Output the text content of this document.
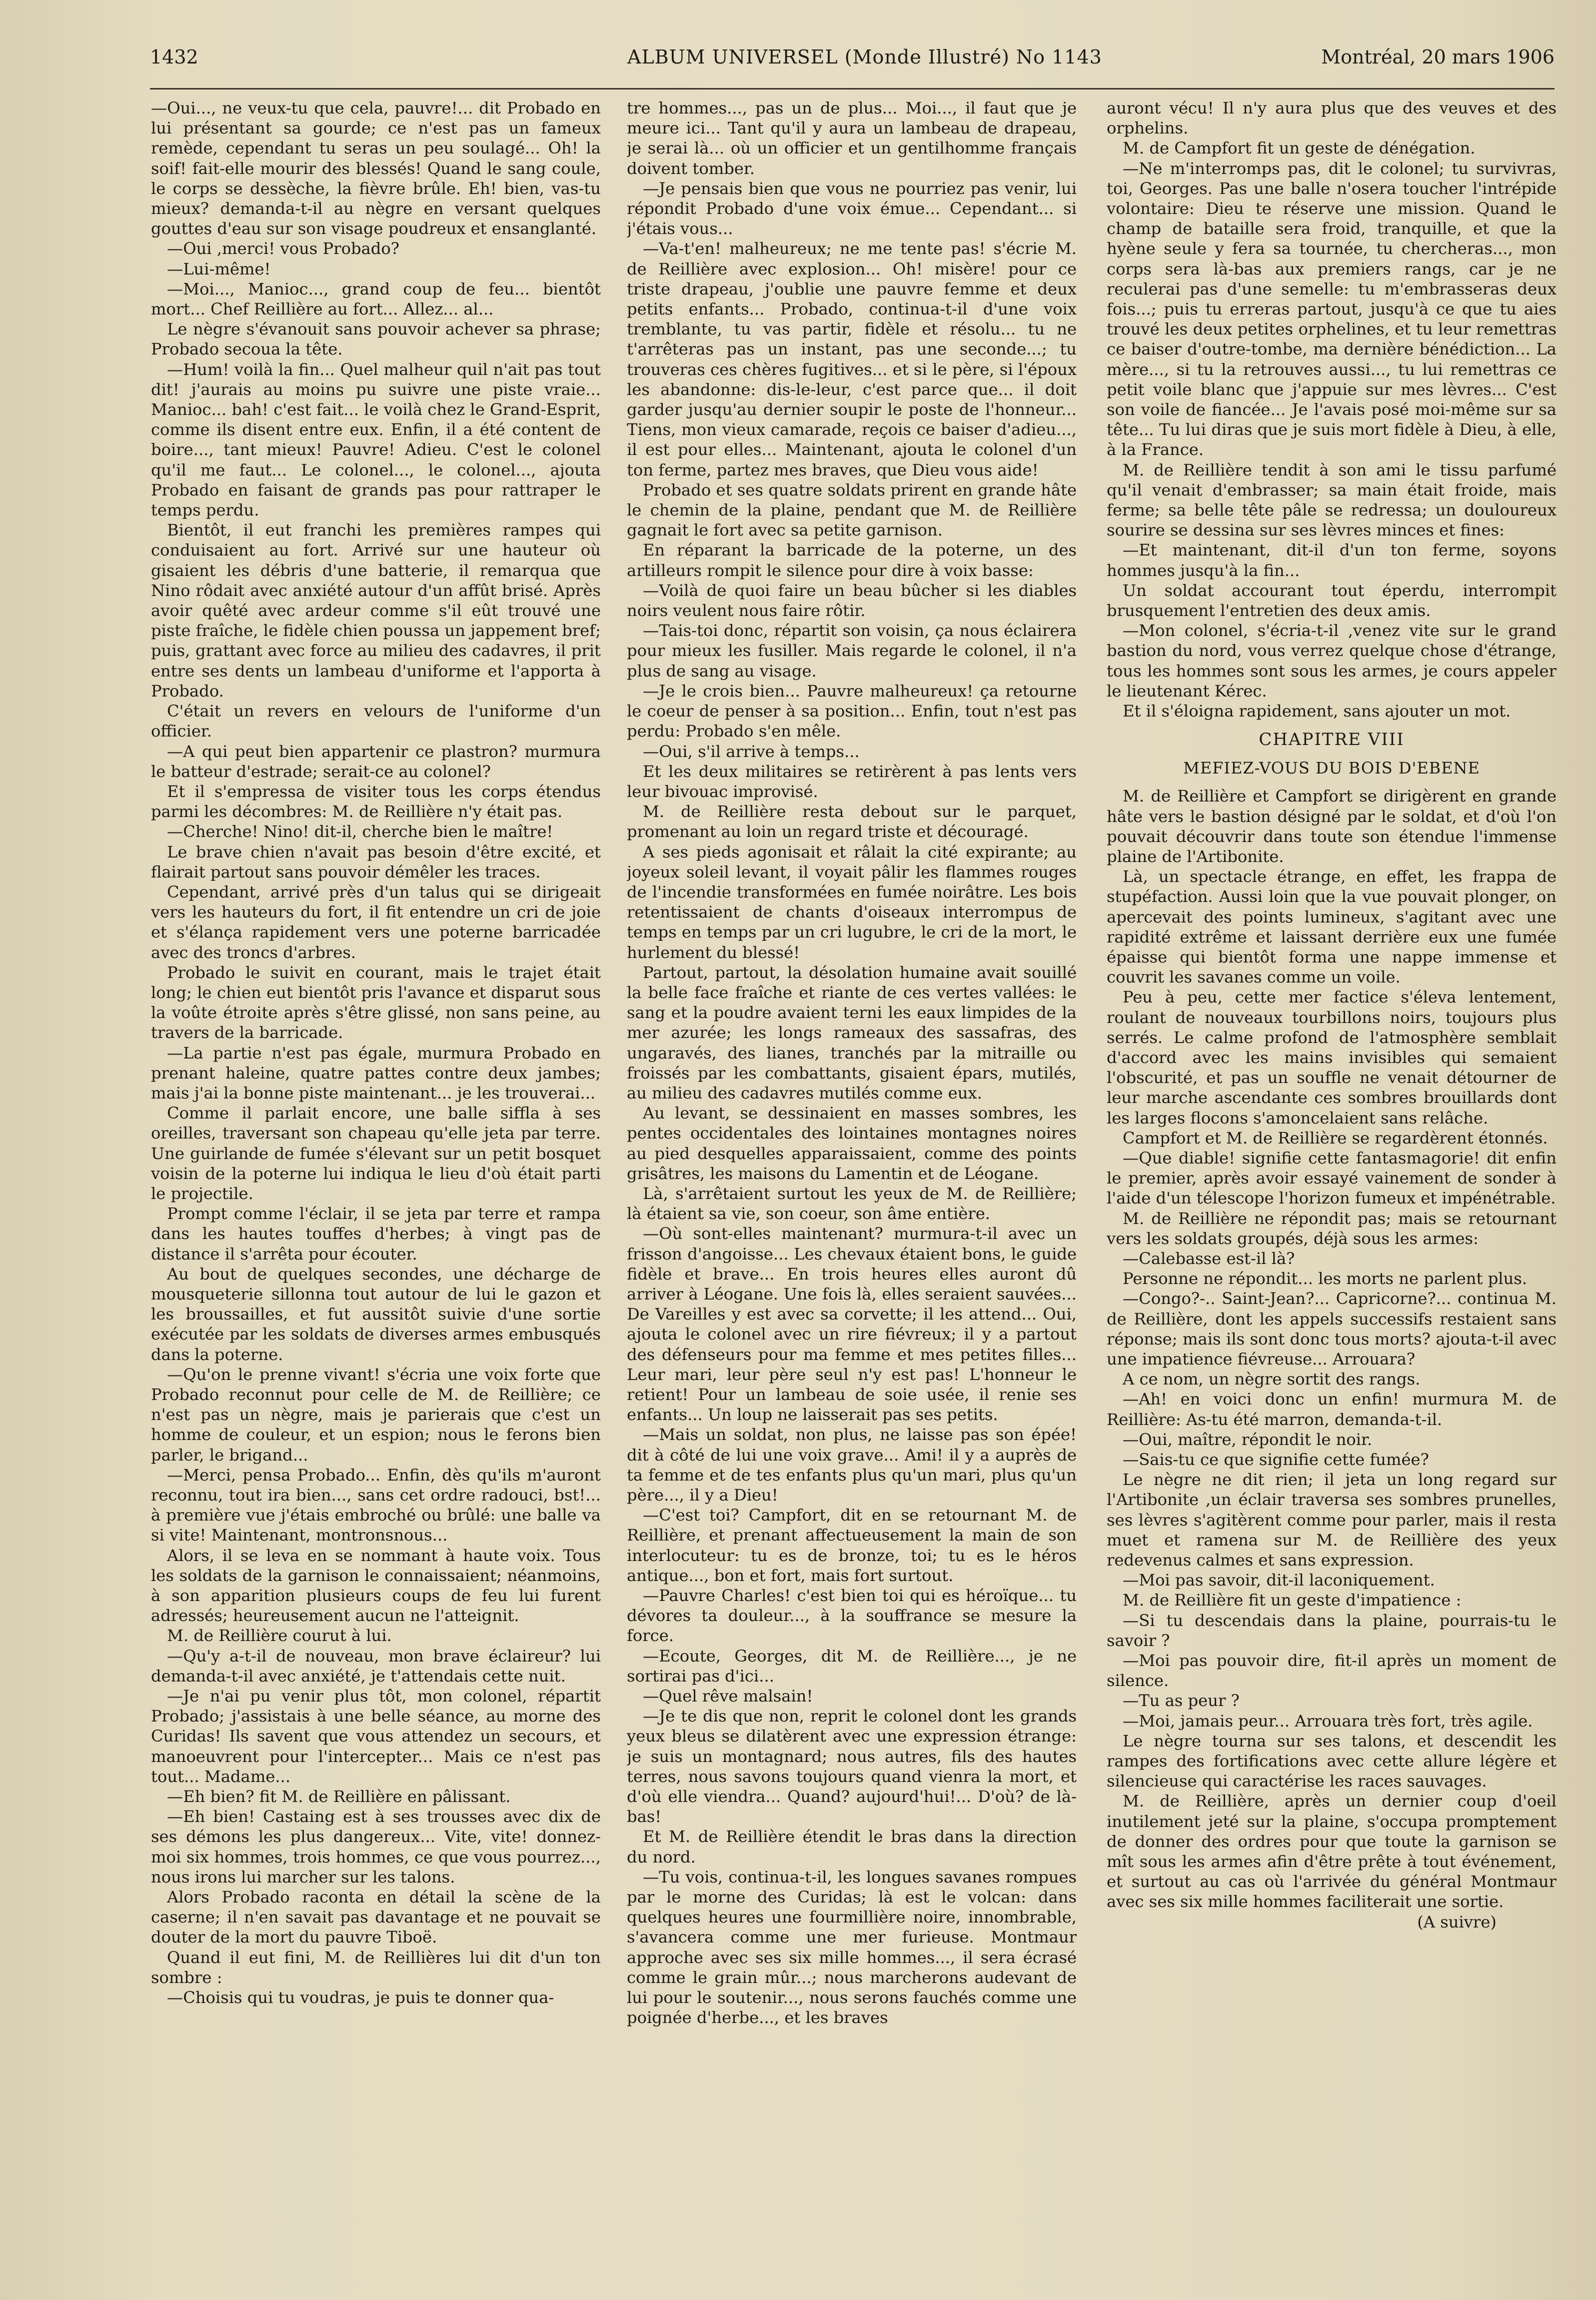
1432	ALBUM UNIVERSEL (Monde Illustré) No 1143	Montréal, 20 mars 1906

—Oui..., ne veux-tu que cela, pauvre!... dit Probado en lui présentant sa gourde; ce n'est pas un fameux remède, cependant tu seras un peu soulagé... Oh! la soif! fait-elle mourir des blessés! Quand le sang coule, le corps se dessèche, la fièvre brûle. Eh! bien, vas-tu mieux? demanda-t-il au nègre en versant quelques gouttes d'eau sur son visage poudreux et ensanglanté.

—Oui ,merci! vous Probado?

—Lui-même!

—Moi..., Manioc..., grand coup de feu... bientôt mort... Chef Reillière au fort... Allez... al...

Le nègre s'évanouit sans pouvoir achever sa phrase; Probado secoua la tête.

—Hum! voilà la fin... Quel malheur quil n'ait pas tout dit! j'aurais au moins pu suivre une piste vraie... Manioc... bah! c'est fait... le voilà chez le Grand-Esprit, comme ils disent entre eux. Enfin, il a été content de boire..., tant mieux! Pauvre! Adieu. C'est le colonel qu'il me faut... Le colonel..., le colonel..., ajouta Probado en faisant de grands pas pour rattraper le temps perdu.

Bientôt, il eut franchi les premières rampes qui conduisaient au fort. Arrivé sur une hauteur où gisaient les débris d'une batterie, il remarqua que Nino rôdait avec anxiété autour d'un affût brisé. Après avoir quêté avec ardeur comme s'il eût trouvé une piste fraîche, le fidèle chien poussa un jappement bref; puis, grattant avec force au milieu des cadavres, il prit entre ses dents un lambeau d'uniforme et l'apporta à Probado.

C'était un revers en velours de l'uniforme d'un officier.

—A qui peut bien appartenir ce plastron? murmura le batteur d'estrade; serait-ce au colonel?

Et il s'empressa de visiter tous les corps étendus parmi les décombres: M. de Reillière n'y était pas.

—Cherche! Nino! dit-il, cherche bien le maître!

Le brave chien n'avait pas besoin d'être excité, et flairait partout sans pouvoir démêler les traces.

Cependant, arrivé près d'un talus qui se dirigeait vers les hauteurs du fort, il fit entendre un cri de joie et s'élança rapidement vers une poterne barricadée avec des troncs d'arbres.

Probado le suivit en courant, mais le trajet était long; le chien eut bientôt pris l'avance et disparut sous la voûte étroite après s'être glissé, non sans peine, au travers de la barricade.

—La partie n'est pas égale, murmura Probado en prenant haleine, quatre pattes contre deux jambes; mais j'ai la bonne piste maintenant... je les trouverai...

Comme il parlait encore, une balle siffla à ses oreilles, traversant son chapeau qu'elle jeta par terre. Une guirlande de fumée s'élevant sur un petit bosquet voisin de la poterne lui indiqua le lieu d'où était parti le projectile.

Prompt comme l'éclair, il se jeta par terre et rampa dans les hautes touffes d'herbes; à vingt pas de distance il s'arrêta pour écouter.

Au bout de quelques secondes, une décharge de mousqueterie sillonna tout autour de lui le gazon et les broussailles, et fut aussitôt suivie d'une sortie exécutée par les soldats de diverses armes embusqués dans la poterne.

—Qu'on le prenne vivant! s'écria une voix forte que Probado reconnut pour celle de M. de Reillière; ce n'est pas un nègre, mais je parierais que c'est un homme de couleur, et un espion; nous le ferons bien parler, le brigand...

—Merci, pensa Probado... Enfin, dès qu'ils m'auront reconnu, tout ira bien..., sans cet ordre radouci, bst!... à première vue j'étais embroché ou brûlé: une balle va si vite! Maintenant, montronsnous...

Alors, il se leva en se nommant à haute voix. Tous les soldats de la garnison le connaissaient; néanmoins, à son apparition plusieurs coups de feu lui furent adressés; heureusement aucun ne l'atteignit.

M. de Reillière courut à lui.

—Qu'y a-t-il de nouveau, mon brave éclaireur? lui demanda-t-il avec anxiété, je t'attendais cette nuit.

—Je n'ai pu venir plus tôt, mon colonel, répartit Probado; j'assistais à une belle séance, au morne des Curidas! Ils savent que vous attendez un secours, et manoeuvrent pour l'intercepter... Mais ce n'est pas tout... Madame...

—Eh bien? fit M. de Reillière en pâlissant.

—Eh bien! Castaing est à ses trousses avec dix de ses démons les plus dangereux... Vite, vite! donnez-moi six hommes, trois hommes, ce que vous pourrez..., nous irons lui marcher sur les talons.

Alors Probado raconta en détail la scène de la caserne; il n'en savait pas davantage et ne pouvait se douter de la mort du pauvre Tiboë.

Quand il eut fini, M. de Reillières lui dit d'un ton sombre :

—Choisis qui tu voudras, je puis te donner qua-

tre hommes..., pas un de plus... Moi..., il faut que je meure ici... Tant qu'il y aura un lambeau de drapeau, je serai là... où un officier et un gentilhomme français doivent tomber.

—Je pensais bien que vous ne pourriez pas venir, lui répondit Probado d'une voix émue... Cependant... si j'étais vous...

—Va-t'en! malheureux; ne me tente pas! s'écrie M. de Reillière avec explosion... Oh! misère! pour ce triste drapeau, j'oublie une pauvre femme et deux petits enfants... Probado, continua-t-il d'une voix tremblante, tu vas partir, fidèle et résolu... tu ne t'arrêteras pas un instant, pas une seconde...; tu trouveras ces chères fugitives... et si le père, si l'époux les abandonne: dis-le-leur, c'est parce que... il doit garder jusqu'au dernier soupir le poste de l'honneur... Tiens, mon vieux camarade, reçois ce baiser d'adieu..., il est pour elles... Maintenant, ajouta le colonel d'un ton ferme, partez mes braves, que Dieu vous aide!

Probado et ses quatre soldats prirent en grande hâte le chemin de la plaine, pendant que M. de Reillière gagnait le fort avec sa petite garnison.

En réparant la barricade de la poterne, un des artilleurs rompit le silence pour dire à voix basse:

—Voilà de quoi faire un beau bûcher si les diables noirs veulent nous faire rôtir.

—Tais-toi donc, répartit son voisin, ça nous éclairera pour mieux les fusiller. Mais regarde le colonel, il n'a plus de sang au visage.

—Je le crois bien... Pauvre malheureux! ça retourne le coeur de penser à sa position... Enfin, tout n'est pas perdu: Probado s'en mêle.

—Oui, s'il arrive à temps...

Et les deux militaires se retirèrent à pas lents vers leur bivouac improvisé.

M. de Reillière resta debout sur le parquet, promenant au loin un regard triste et découragé.

A ses pieds agonisait et râlait la cité expirante; au joyeux soleil levant, il voyait pâlir les flammes rouges de l'incendie transformées en fumée noirâtre. Les bois retentissaient de chants d'oiseaux interrompus de temps en temps par un cri lugubre, le cri de la mort, le hurlement du blessé!

Partout, partout, la désolation humaine avait souillé la belle face fraîche et riante de ces vertes vallées: le sang et la poudre avaient terni les eaux limpides de la mer azurée; les longs rameaux des sassafras, des ungaravés, des lianes, tranchés par la mitraille ou froissés par les combattants, gisaient épars, mutilés, au milieu des cadavres mutilés comme eux.

Au levant, se dessinaient en masses sombres, les pentes occidentales des lointaines montagnes noires au pied desquelles apparaissaient, comme des points grisâtres, les maisons du Lamentin et de Léogane.

Là, s'arrêtaient surtout les yeux de M. de Reillière; là étaient sa vie, son coeur, son âme entière.

—Où sont-elles maintenant? murmura-t-il avec un frisson d'angoisse... Les chevaux étaient bons, le guide fidèle et brave... En trois heures elles auront dû arriver à Léogane. Une fois là, elles seraient sauvées... De Vareilles y est avec sa corvette; il les attend... Oui, ajouta le colonel avec un rire fiévreux; il y a partout des défenseurs pour ma femme et mes petites filles... Leur mari, leur père seul n'y est pas! L'honneur le retient! Pour un lambeau de soie usée, il renie ses enfants... Un loup ne laisserait pas ses petits.

—Mais un soldat, non plus, ne laisse pas son épée! dit à côté de lui une voix grave... Ami! il y a auprès de ta femme et de tes enfants plus qu'un mari, plus qu'un père..., il y a Dieu!

—C'est toi? Campfort, dit en se retournant M. de Reillière, et prenant affectueusement la main de son interlocuteur: tu es de bronze, toi; tu es le héros antique..., bon et fort, mais fort surtout.

—Pauvre Charles! c'est bien toi qui es héroïque... tu dévores ta douleur..., à la souffrance se mesure la force.

—Ecoute, Georges, dit M. de Reillière..., je ne sortirai pas d'ici...

—Quel rêve malsain!

—Je te dis que non, reprit le colonel dont les grands yeux bleus se dilatèrent avec une expression étrange: je suis un montagnard; nous autres, fils des hautes terres, nous savons toujours quand vienra la mort, et d'où elle viendra... Quand? aujourd'hui!... D'où? de là-bas!

Et M. de Reillière étendit le bras dans la direction du nord.

—Tu vois, continua-t-il, les longues savanes rompues par le morne des Curidas; là est le volcan: dans quelques heures une fourmillière noire, innombrable, s'avancera comme une mer furieuse. Montmaur approche avec ses six mille hommes..., il sera écrasé comme le grain mûr...; nous marcherons audevant de lui pour le soutenir..., nous serons fauchés comme une poignée d'herbe..., et les braves

auront vécu! Il n'y aura plus que des veuves et des orphelins.

M. de Campfort fit un geste de dénégation.

—Ne m'interromps pas, dit le colonel; tu survivras, toi, Georges. Pas une balle n'osera toucher l'intrépide volontaire: Dieu te réserve une mission. Quand le champ de bataille sera froid, tranquille, et que la hyène seule y fera sa tournée, tu chercheras..., mon corps sera là-bas aux premiers rangs, car je ne reculerai pas d'une semelle: tu m'embrasseras deux fois...; puis tu erreras partout, jusqu'à ce que tu aies trouvé les deux petites orphelines, et tu leur remettras ce baiser d'outre-tombe, ma dernière bénédiction... La mère..., si tu la retrouves aussi..., tu lui remettras ce petit voile blanc que j'appuie sur mes lèvres... C'est son voile de fiancée... Je l'avais posé moi-même sur sa tête... Tu lui diras que je suis mort fidèle à Dieu, à elle, à la France.

M. de Reillière tendit à son ami le tissu parfumé qu'il venait d'embrasser; sa main était froide, mais ferme; sa belle tête pâle se redressa; un douloureux sourire se dessina sur ses lèvres minces et fines:

—Et maintenant, dit-il d'un ton ferme, soyons hommes jusqu'à la fin...

Un soldat accourant tout éperdu, interrompit brusquement l'entretien des deux amis.

—Mon colonel, s'écria-t-il ,venez vite sur le grand bastion du nord, vous verrez quelque chose d'étrange, tous les hommes sont sous les armes, je cours appeler le lieutenant Kérec.

Et il s'éloigna rapidement, sans ajouter un mot.

CHAPITRE VIII
MEFIEZ-VOUS DU BOIS D'EBENE

M. de Reillière et Campfort se dirigèrent en grande hâte vers le bastion désigné par le soldat, et d'où l'on pouvait découvrir dans toute son étendue l'immense plaine de l'Artibonite.

Là, un spectacle étrange, en effet, les frappa de stupéfaction. Aussi loin que la vue pouvait plonger, on apercevait des points lumineux, s'agitant avec une rapidité extrême et laissant derrière eux une fumée épaisse qui bientôt forma une nappe immense et couvrit les savanes comme un voile.

Peu à peu, cette mer factice s'éleva lentement, roulant de nouveaux tourbillons noirs, toujours plus serrés. Le calme profond de l'atmosphère semblait d'accord avec les mains invisibles qui semaient l'obscurité, et pas un souffle ne venait détourner de leur marche ascendante ces sombres brouillards dont les larges flocons s'amoncelaient sans relâche.

Campfort et M. de Reillière se regardèrent étonnés.

—Que diable! signifie cette fantasmagorie! dit enfin le premier, après avoir essayé vainement de sonder à l'aide d'un télescope l'horizon fumeux et impénétrable.

M. de Reillière ne répondit pas; mais se retournant vers les soldats groupés, déjà sous les armes:

—Calebasse est-il là?

Personne ne répondit... les morts ne parlent plus.

—Congo?-.. Saint-Jean?... Capricorne?... continua M. de Reillière, dont les appels successifs restaient sans réponse; mais ils sont donc tous morts? ajouta-t-il avec une impatience fiévreuse... Arrouara?

A ce nom, un nègre sortit des rangs.

—Ah! en voici donc un enfin! murmura M. de Reillière: As-tu été marron, demanda-t-il.

—Oui, maître, répondit le noir.

—Sais-tu ce que signifie cette fumée?

Le nègre ne dit rien; il jeta un long regard sur l'Artibonite ,un éclair traversa ses sombres prunelles, ses lèvres s'agitèrent comme pour parler, mais il resta muet et ramena sur M. de Reillière des yeux redevenus calmes et sans expression.

—Moi pas savoir, dit-il laconiquement.

M. de Reillière fit un geste d'impatience :

—Si tu descendais dans la plaine, pourrais-tu le savoir ?

—Moi pas pouvoir dire, fit-il après un moment de silence.

—Tu as peur ?

—Moi, jamais peur... Arrouara très fort, très agile.

Le nègre tourna sur ses talons, et descendit les rampes des fortifications avec cette allure légère et silencieuse qui caractérise les races sauvages.

M. de Reillière, après un dernier coup d'oeil inutilement jeté sur la plaine, s'occupa promptement de donner des ordres pour que toute la garnison se mît sous les armes afin d'être prête à tout événement, et surtout au cas où l'arrivée du général Montmaur avec ses six mille hommes faciliterait une sortie.

(A suivre)
